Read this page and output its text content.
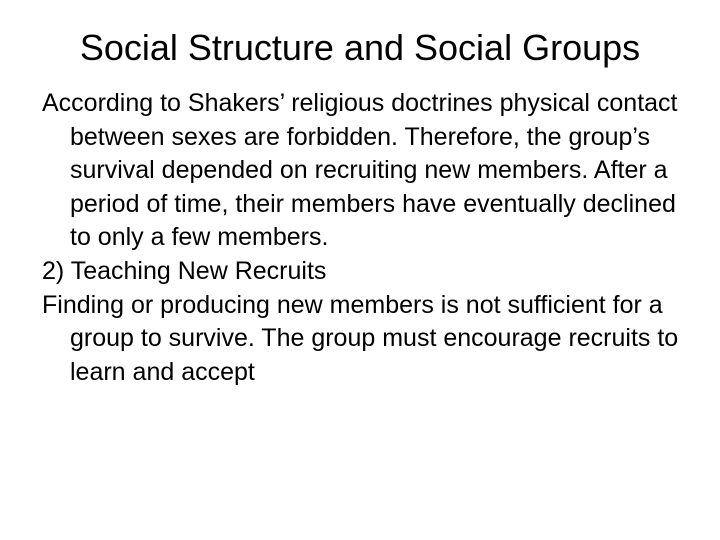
Social Structure and Social Groups

According to Shakers’ religious doctrines physical contact between sexes are forbidden. Therefore, the group’s survival depended on recruiting new members. After a period of time, their members have eventually declined to only a few members.

2) Teaching New Recruits

Finding or producing new members is not sufficient for a group to survive. The group must encourage recruits to learn and accept
